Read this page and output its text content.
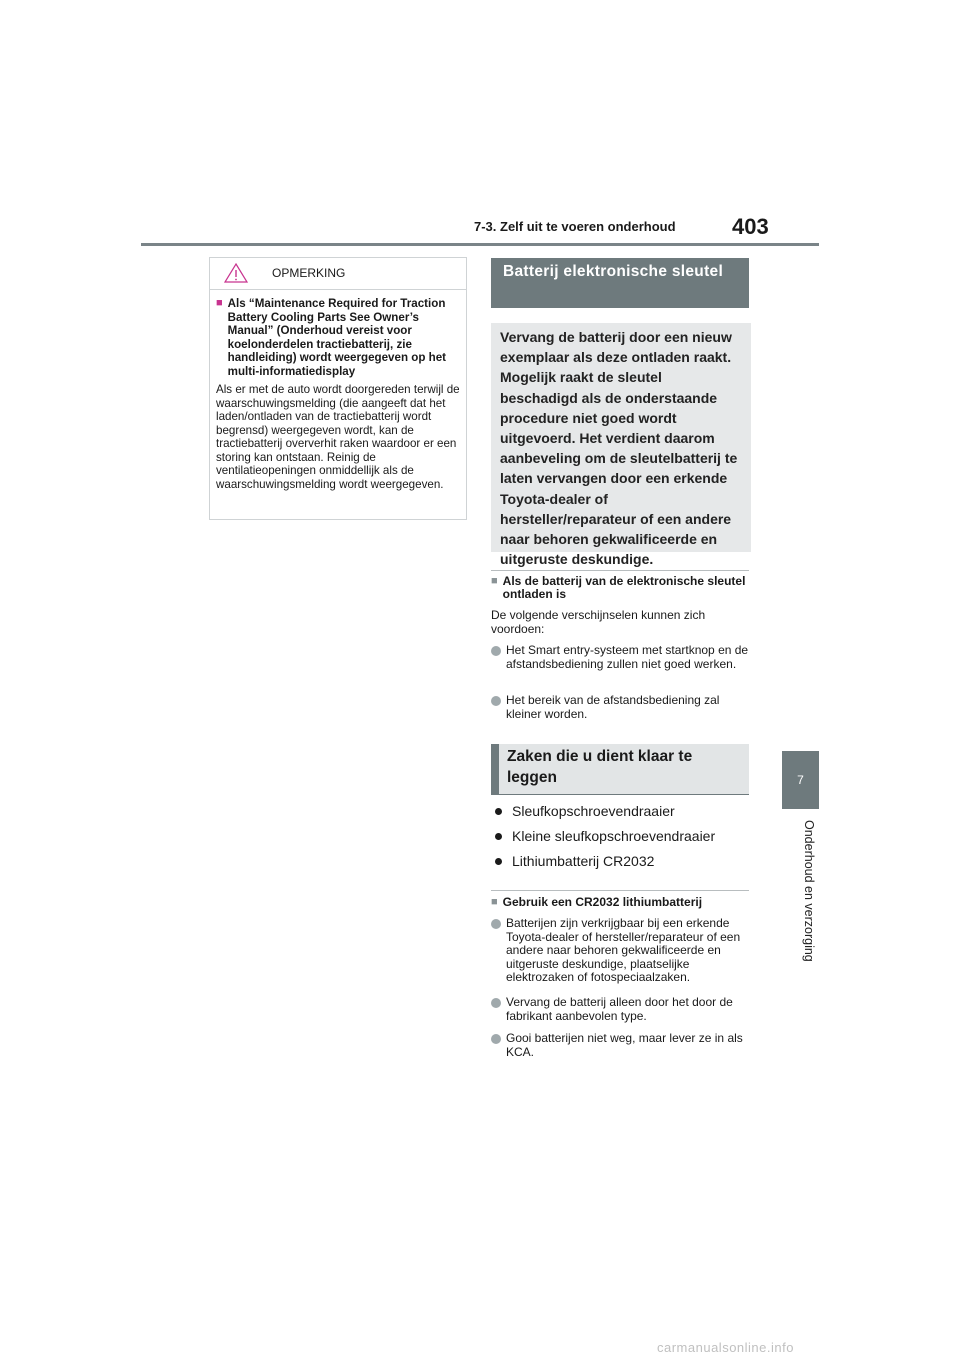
7-3. Zelf uit te voeren onderhoud	403
7
Onderhoud en verzorging
OPMERKING
■ Als “Maintenance Required for Traction Battery Cooling Parts See Owner’s Manual” (Onderhoud vereist voor koelonderdelen tractiebatterij, zie handleiding) wordt weergegeven op het multi-informatiedisplay
Als er met de auto wordt doorgereden terwijl de waarschuwingsmelding (die aangeeft dat het laden/ontladen van de tractiebatterij wordt begrensd) weergegeven wordt, kan de tractiebatterij oververhit raken waardoor er een storing kan ontstaan. Reinig de ventilatieopeningen onmiddellijk als de waarschuwingsmelding wordt weergegeven.
Batterij elektronische sleutel
Vervang de batterij door een nieuw exemplaar als deze ontladen raakt. Mogelijk raakt de sleutel beschadigd als de onderstaande procedure niet goed wordt uitgevoerd. Het verdient daarom aanbeveling om de sleutelbatterij te laten vervangen door een erkende Toyota-dealer of hersteller/reparateur of een andere naar behoren gekwalificeerde en uitgeruste deskundige.
■ Als de batterij van de elektronische sleutel ontladen is
De volgende verschijnselen kunnen zich voordoen:
Het Smart entry-systeem met startknop en de afstandsbediening zullen niet goed werken.
Het bereik van de afstandsbediening zal kleiner worden.
Zaken die u dient klaar te leggen
Sleufkopschroevendraaier
Kleine sleufkopschroevendraaier
Lithiumbatterij CR2032
■ Gebruik een CR2032 lithiumbatterij
Batterijen zijn verkrijgbaar bij een erkende Toyota-dealer of hersteller/reparateur of een andere naar behoren gekwalificeerde en uitgeruste deskundige, plaatselijke elektrozaken of fotospeciaalzaken.
Vervang de batterij alleen door het door de fabrikant aanbevolen type.
Gooi batterijen niet weg, maar lever ze in als KCA.
carmanualsonline.info
